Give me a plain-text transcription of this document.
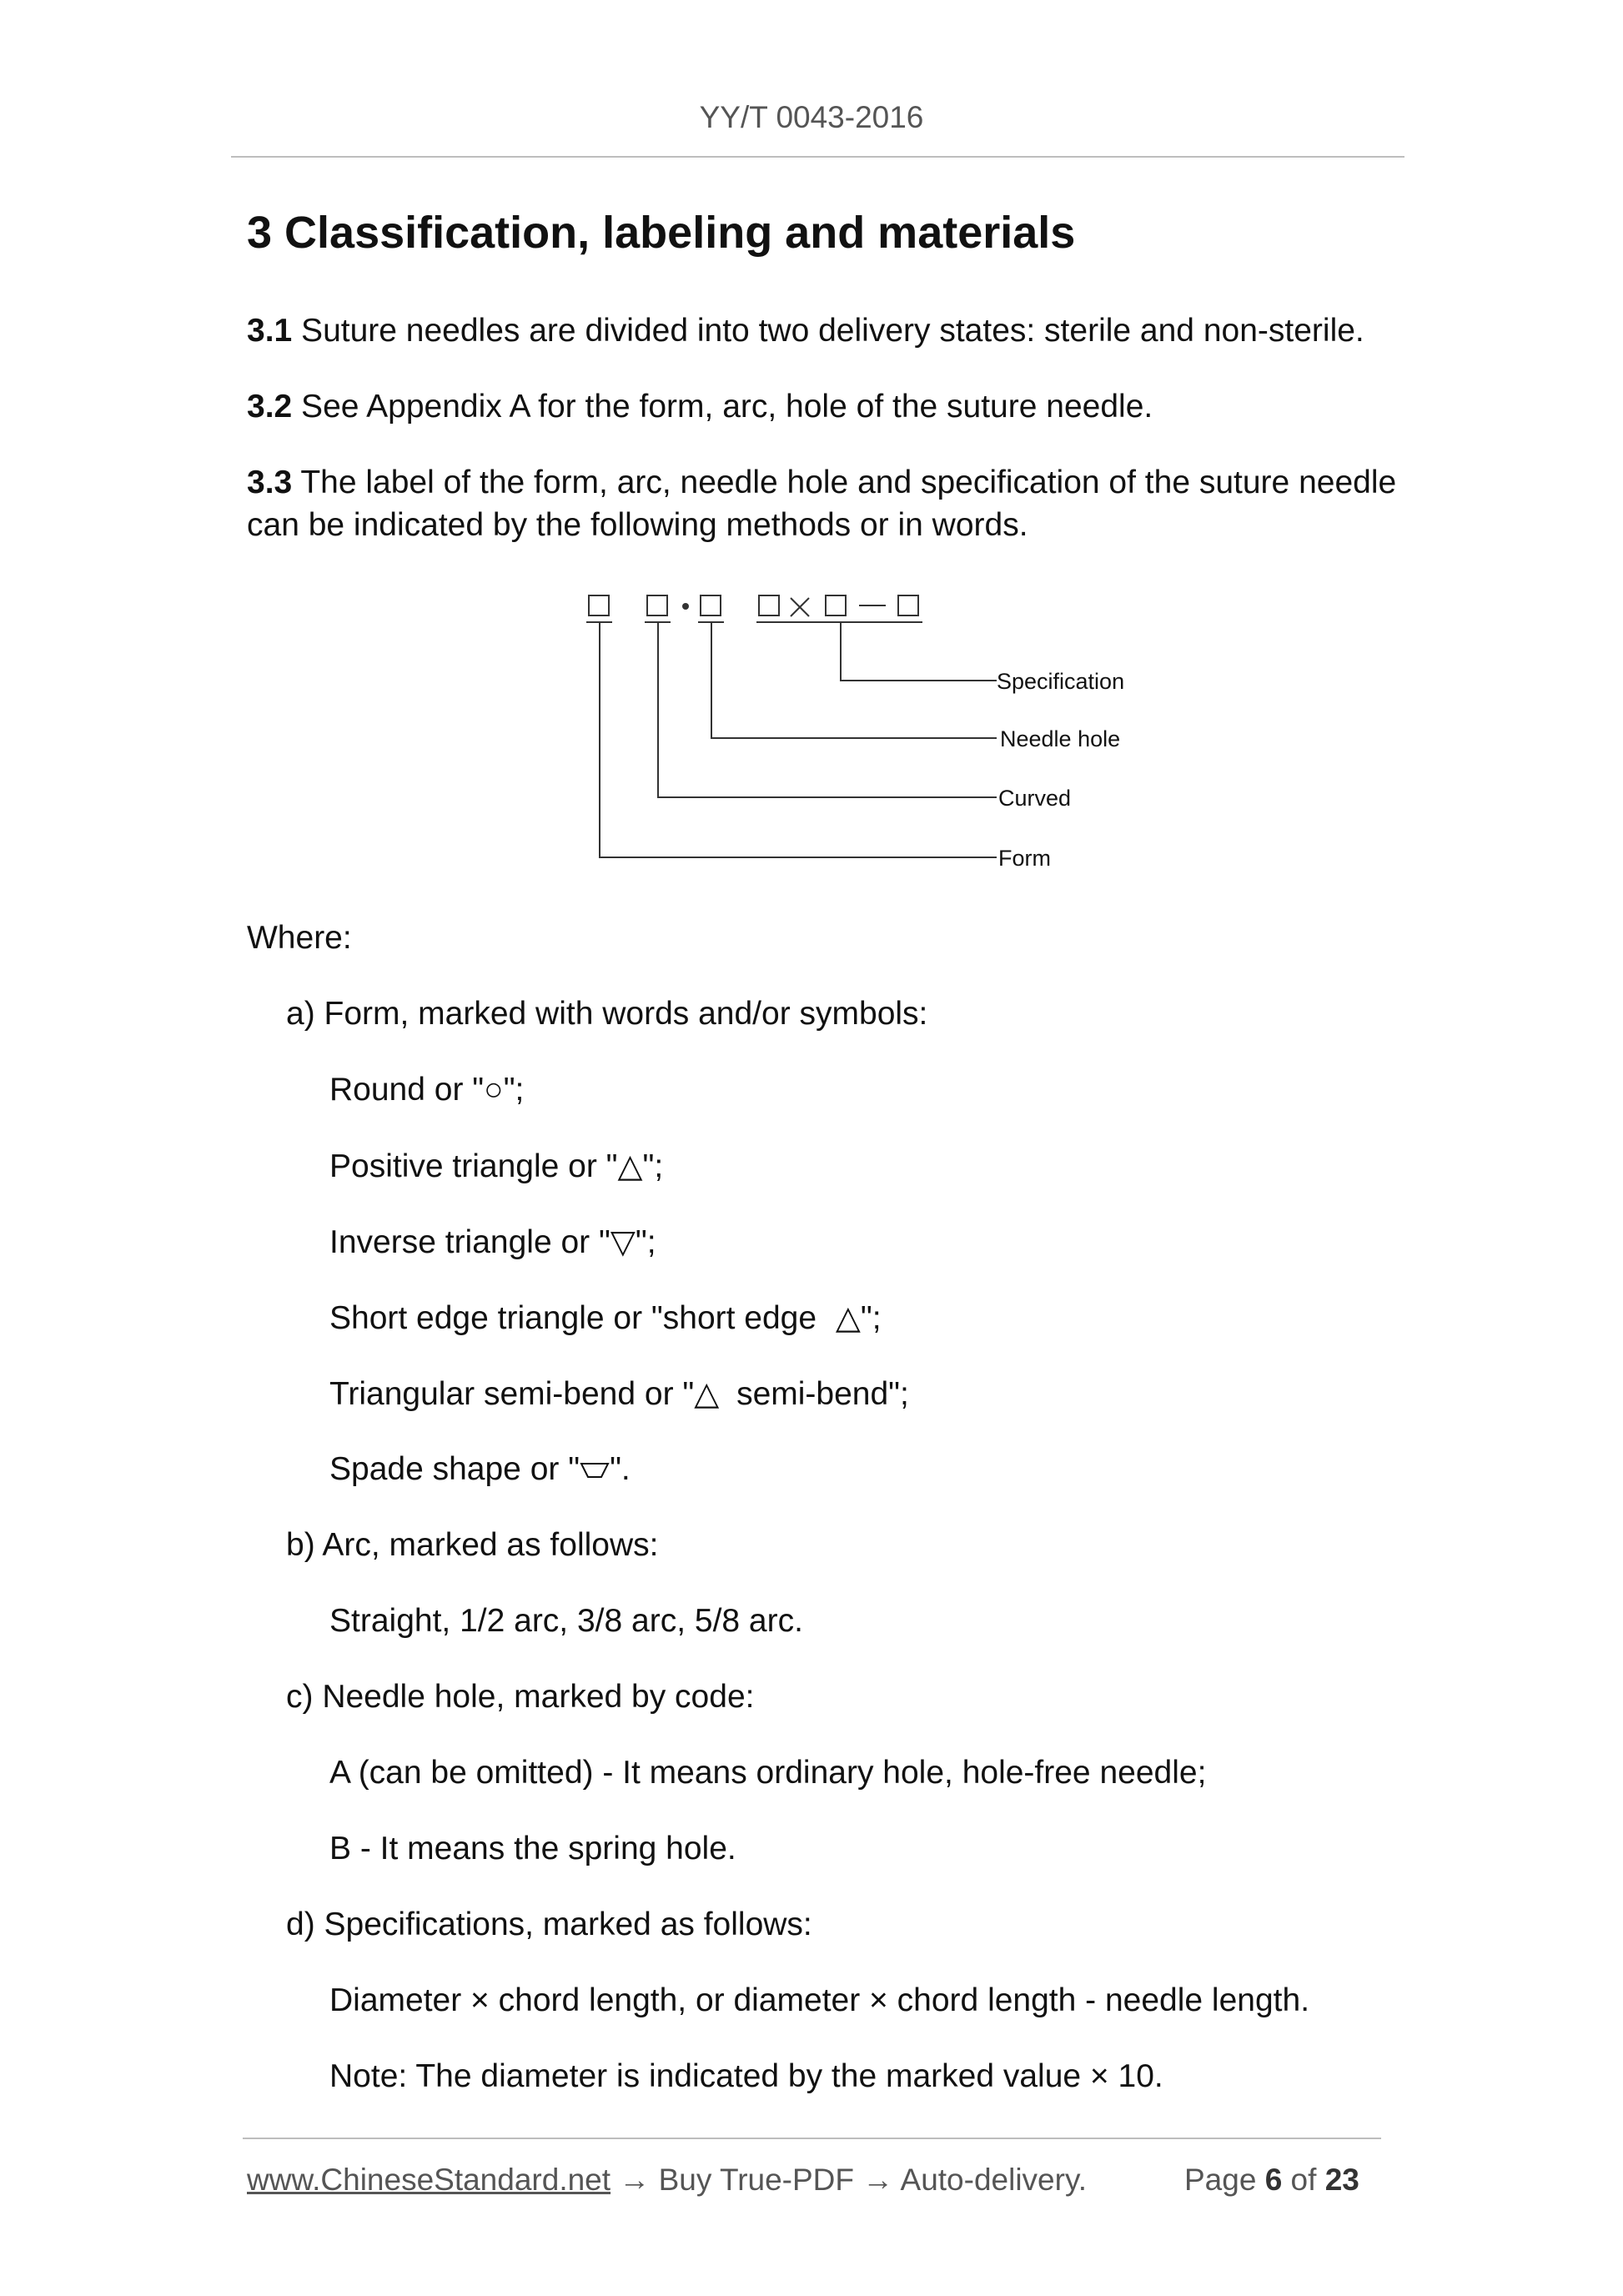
YY/T 0043-2016
3 Classification, labeling and materials
3.1 Suture needles are divided into two delivery states: sterile and non-sterile.
3.2 See Appendix A for the form, arc, hole of the suture needle.
3.3 The label of the form, arc, needle hole and specification of the suture needle
can be indicated by the following methods or in words.
Specification
Needle hole
Curved
Form
Where:
a) Form, marked with words and/or symbols:
Round or "○";
Positive triangle or "△";
Inverse triangle or "▽";
Short edge triangle or "short edge △";
Triangular semi-bend or "△ semi-bend";
Spade shape or " ".
b) Arc, marked as follows:
Straight, 1/2 arc, 3/8 arc, 5/8 arc.
c) Needle hole, marked by code:
A (can be omitted) - It means ordinary hole, hole-free needle;
B - It means the spring hole.
d) Specifications, marked as follows:
Diameter × chord length, or diameter × chord length - needle length.
Note: The diameter is indicated by the marked value × 10.
www.ChineseStandard.net → Buy True-PDF → Auto-delivery.	Page 6 of 23
